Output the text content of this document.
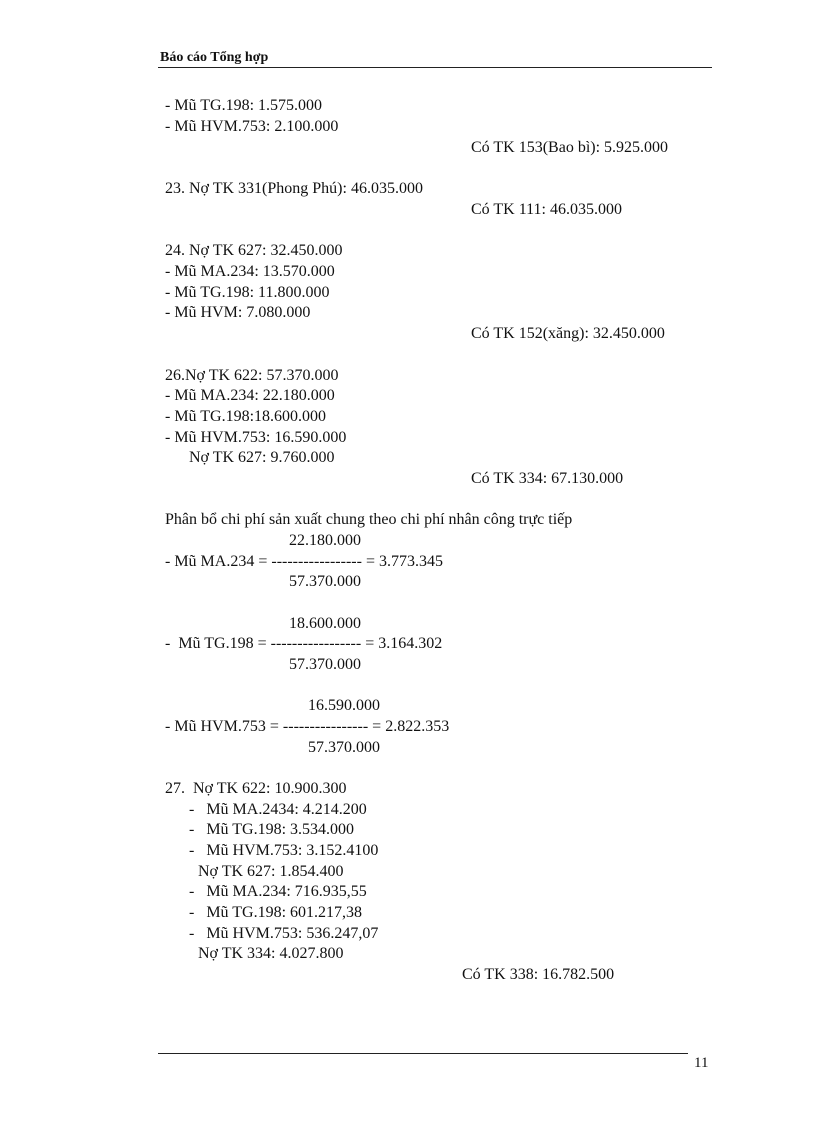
Báo cáo Tổng hợp
- Mũ TG.198: 1.575.000
- Mũ HVM.753: 2.100.000
Có TK 153(Bao bì): 5.925.000
23. Nợ TK 331(Phong Phú): 46.035.000
Có TK 111: 46.035.000
24. Nợ TK 627: 32.450.000
- Mũ MA.234: 13.570.000
- Mũ TG.198: 11.800.000
- Mũ HVM: 7.080.000
Có TK 152(xăng): 32.450.000
26.Nợ TK 622: 57.370.000
- Mũ MA.234: 22.180.000
- Mũ TG.198:18.600.000
- Mũ HVM.753: 16.590.000
Nợ TK 627: 9.760.000
Có TK 334: 67.130.000
Phân bổ chi phí sản xuất chung theo chi phí nhân công trực tiếp
22.180.000
- Mũ MA.234 = ----------------- = 3.773.345
57.370.000
18.600.000
-  Mũ TG.198 = ----------------- = 3.164.302
57.370.000
16.590.000
- Mũ HVM.753 = ---------------- = 2.822.353
57.370.000
27.  Nợ TK 622: 10.900.300
-   Mũ MA.2434: 4.214.200
-   Mũ TG.198: 3.534.000
-   Mũ HVM.753: 3.152.4100
Nợ TK 627: 1.854.400
-   Mũ MA.234: 716.935,55
-   Mũ TG.198: 601.217,38
-   Mũ HVM.753: 536.247,07
Nợ TK 334: 4.027.800
Có TK 338: 16.782.500
11
